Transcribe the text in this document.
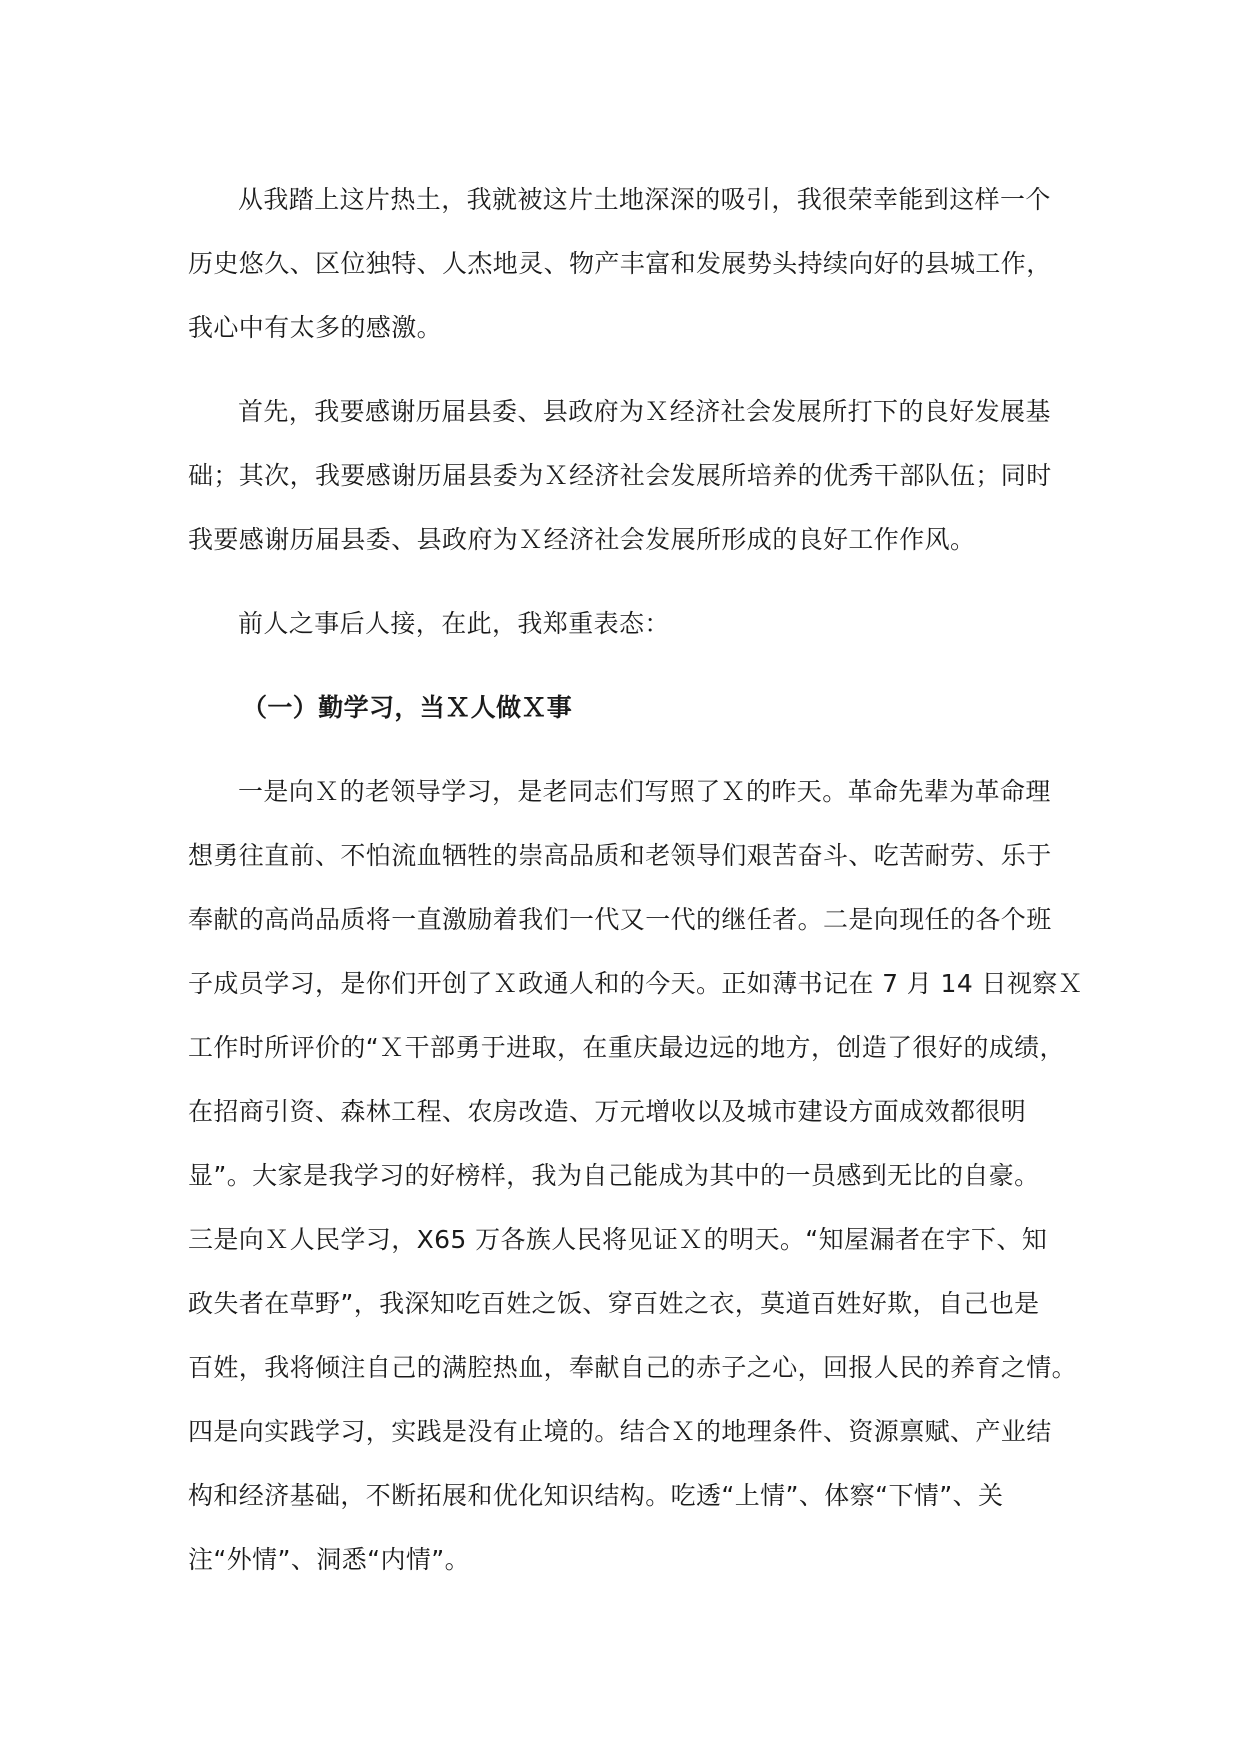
从我踏上这片热土，我就被这片土地深深的吸引，我很荣幸能到这样一个

历史悠久、区位独特、人杰地灵、物产丰富和发展势头持续向好的县城工作，

我心中有太多的感激。

首先，我要感谢历届县委、县政府为Ｘ经济社会发展所打下的良好发展基

础；其次，我要感谢历届县委为Ｘ经济社会发展所培养的优秀干部队伍；同时

我要感谢历届县委、县政府为Ｘ经济社会发展所形成的良好工作作风。

前人之事后人接，在此，我郑重表态：

（一）勤学习，当Ｘ人做Ｘ事

一是向Ｘ的老领导学习，是老同志们写照了Ｘ的昨天。革命先辈为革命理

想勇往直前、不怕流血牺牲的崇高品质和老领导们艰苦奋斗、吃苦耐劳、乐于

奉献的高尚品质将一直激励着我们一代又一代的继任者。二是向现任的各个班

子成员学习，是你们开创了Ｘ政通人和的今天。正如薄书记在 7 月 14 日视察Ｘ

工作时所评价的“Ｘ干部勇于进取，在重庆最边远的地方，创造了很好的成绩，

在招商引资、森林工程、农房改造、万元增收以及城市建设方面成效都很明

显”。大家是我学习的好榜样，我为自己能成为其中的一员感到无比的自豪。

三是向Ｘ人民学习，X65 万各族人民将见证Ｘ的明天。“知屋漏者在宇下、知

政失者在草野”，我深知吃百姓之饭、穿百姓之衣，莫道百姓好欺，自己也是

百姓，我将倾注自己的满腔热血，奉献自己的赤子之心，回报人民的养育之情。

四是向实践学习，实践是没有止境的。结合Ｘ的地理条件、资源禀赋、产业结

构和经济基础，不断拓展和优化知识结构。吃透“上情”、体察“下情”、关

注“外情”、洞悉“内情”。
